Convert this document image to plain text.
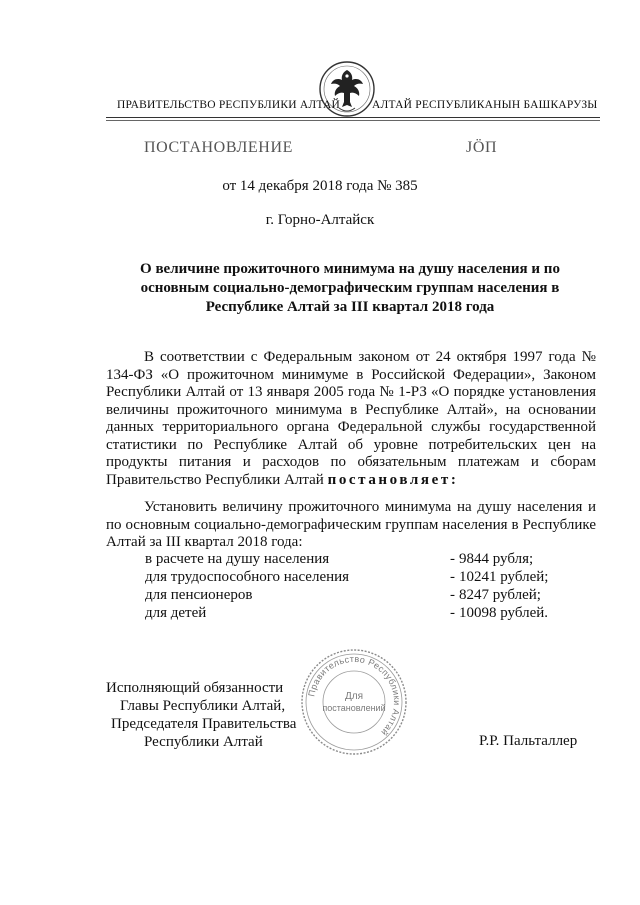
ПРАВИТЕЛЬСТВО РЕСПУБЛИКИ АЛТАЙ	АЛТАЙ РЕСПУБЛИКАНЫН БАШКАРУЗЫ
ПОСТАНОВЛЕНИЕ	ЈӦП
от 14 декабря 2018 года № 385
г. Горно-Алтайск
О величине прожиточного минимума на душу населения и по основным социально-демографическим группам населения в Республике Алтай за III квартал 2018 года
В соответствии с Федеральным законом от 24 октября 1997 года № 134-ФЗ «О прожиточном минимуме в Российской Федерации», Законом Республики Алтай от 13 января 2005 года № 1-РЗ «О порядке установления величины прожиточного минимума в Республике Алтай», на основании данных территориального органа Федеральной службы государственной статистики по Республике Алтай об уровне потребительских цен на продукты питания и расходов по обязательным платежам и сборам Правительство Республики Алтай постановляет:
Установить величину прожиточного минимума на душу населения и по основным социально-демографическим группам населения в Республике Алтай за III квартал 2018 года:
в расчете на душу населения	- 9844 рубля;
для трудоспособного населения	- 10241 рублей;
для пенсионеров	- 8247 рублей;
для детей	- 10098 рублей.
Исполняющий обязанности
Главы Республики Алтай,
Председателя Правительства
Республики Алтай	Р.Р. Пальталлер
Правительство Республики Алтай
Для
постановлений
